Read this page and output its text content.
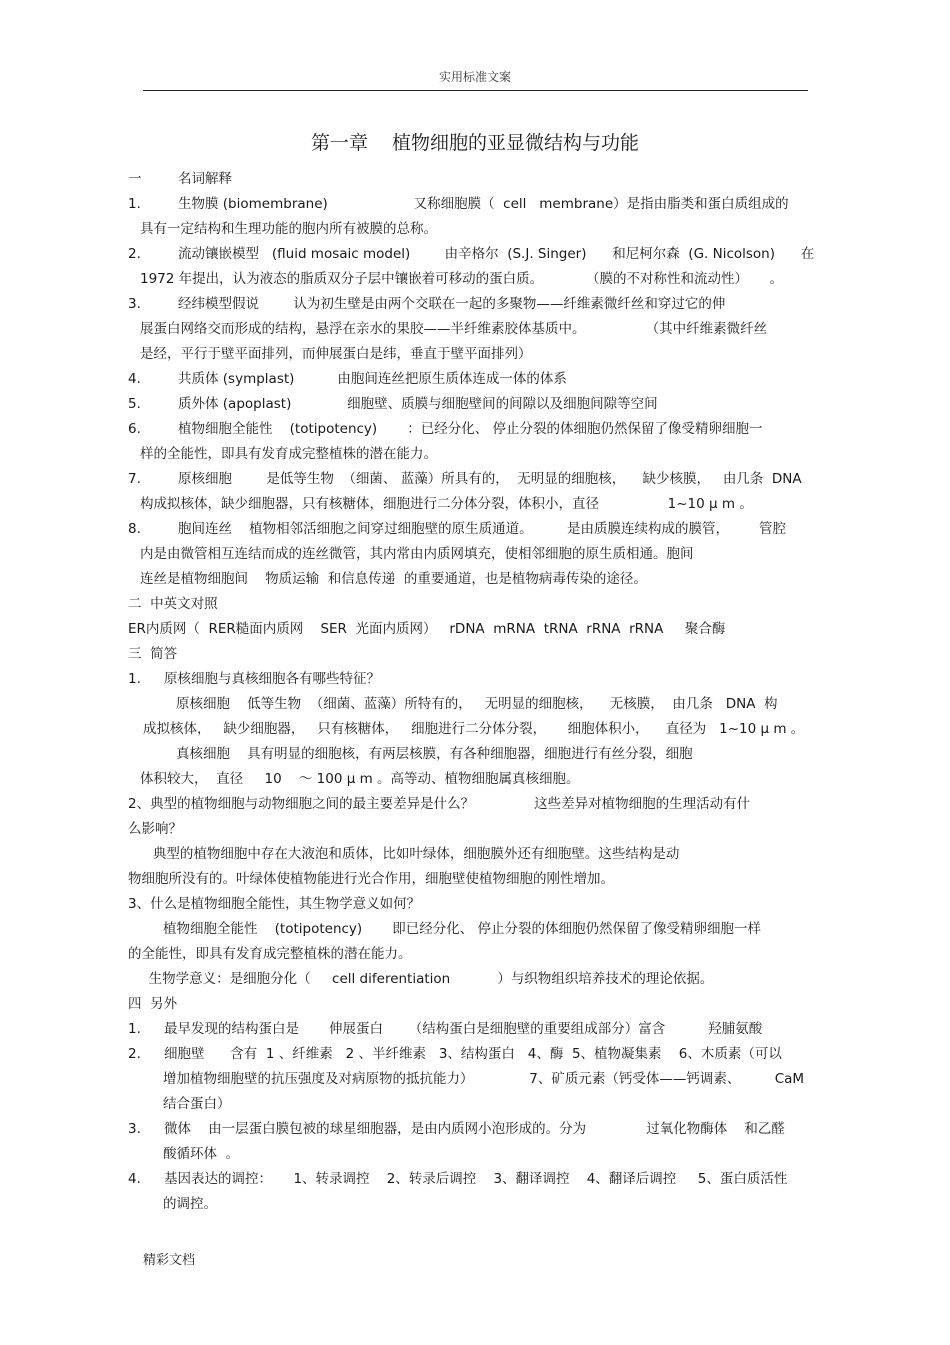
实用标准文案
第一章 植物细胞的亚显微结构与功能
一	名词解释
1.	生物膜 (biomembrane)                    又称细胞膜（  cell   membrane）是指由脂类和蛋白质组成的
具有一定结构和生理功能的胞内所有被膜的总称。
2.	流动镶嵌模型   (fluid mosaic model)        由辛格尔  (S.J. Singer)      和尼柯尔森  (G. Nicolson)      在
1972 年提出，认为液态的脂质双分子层中镶嵌着可移动的蛋白质。          （膜的不对称性和流动性）     。
3.	经纬模型假说        认为初生壁是由两个交联在一起的多聚物——纤维素微纤丝和穿过它的伸
展蛋白网络交而形成的结构，悬浮在亲水的果胶——半纤维素胶体基质中。              （其中纤维素微纤丝
是经，平行于壁平面排列，而伸展蛋白是纬，垂直于壁平面排列）
4.	共质体 (symplast)          由胞间连丝把原生质体连成一体的体系
5.	质外体 (apoplast)             细胞壁、质膜与细胞壁间的间隙以及细胞间隙等空间
6.	植物细胞全能性    (totipotency)       ：已经分化、 停止分裂的体细胞仍然保留了像受精卵细胞一
样的全能性，即具有发育成完整植株的潜在能力。
7.	原核细胞        是低等生物  （细菌、 蓝藻）所具有的，  无明显的细胞核，    缺少核膜，   由几条  DNA
构成拟核体，缺少细胞器，只有核糖体，细胞进行二分体分裂，体积小，直径                1~10 μ m 。
8.	胞间连丝    植物相邻活细胞之间穿过细胞壁的原生质通道。        是由质膜连续构成的膜管，       管腔
内是由微管相互连结而成的连丝微管，其内常由内质网填充，使相邻细胞的原生质相通。胞间
连丝是植物细胞间    物质运输  和信息传递  的重要通道，也是植物病毒传染的途径。
二  中英文对照
ER内质网（  RER糙面内质网    SER  光面内质网）   rDNA  mRNA  tRNA  rRNA  rRNA     聚合酶
三  简答
1. 原核细胞与真核细胞各有哪些特征？
原核细胞    低等生物  （细菌、蓝藻）所特有的，   无明显的细胞核，    无核膜，  由几条   DNA  构
成拟核体，   缺少细胞器，   只有核糖体，   细胞进行二分体分裂，     细胞体积小，    直径为   1~10 μ m 。
真核细胞    具有明显的细胞核，有两层核膜，有各种细胞器，细胞进行有丝分裂，细胞
体积较大，  直径     10    ～ 100 μ m 。高等动、植物细胞属真核细胞。
2、典型的植物细胞与动物细胞之间的最主要差异是什么？              这些差异对植物细胞的生理活动有什
么影响？
典型的植物细胞中存在大液泡和质体，比如叶绿体，细胞膜外还有细胞壁。这些结构是动
物细胞所没有的。叶绿体使植物能进行光合作用，细胞壁使植物细胞的刚性增加。
3、什么是植物细胞全能性，其生物学意义如何？
植物细胞全能性    (totipotency)       即已经分化、 停止分裂的体细胞仍然保留了像受精卵细胞一样
的全能性，即具有发育成完整植株的潜在能力。
生物学意义：是细胞分化（     cell diferentiation           ）与织物组织培养技术的理论依据。
四  另外
1. 最早发现的结构蛋白是       伸展蛋白      （结构蛋白是细胞壁的重要组成部分）富含          羟脯氨酸
2. 细胞壁      含有  1 、纤维素   2 、半纤维素   3、结构蛋白   4、酶  5、植物凝集素    6、木质素（可以
增加植物细胞壁的抗压强度及对病原物的抵抗能力）             7、矿质元素（钙受体——钙调素、        CaM
结合蛋白）
3. 微体    由一层蛋白膜包被的球星细胞器，是由内质网小泡形成的。分为              过氧化物酶体    和乙醛
酸循环体  。
4. 基因表达的调控：     1、转录调控    2、转录后调控    3、翻译调控    4、翻译后调控     5、蛋白质活性
的调控。
精彩文档
